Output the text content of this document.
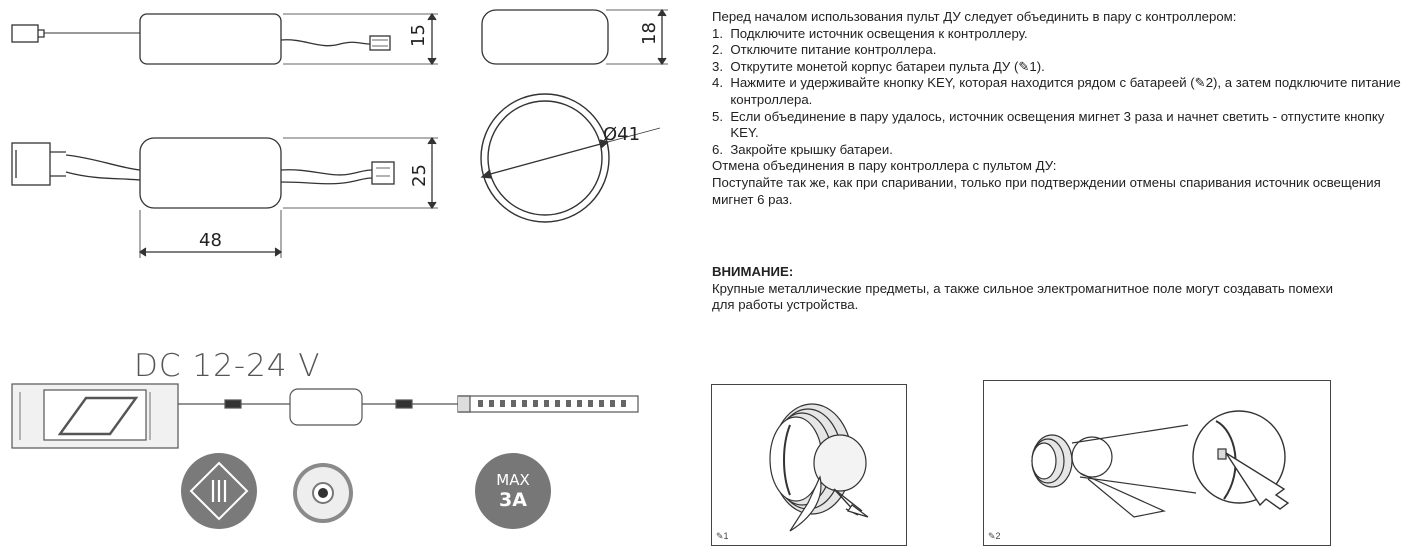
15	18
25
48
Ø41
MAX
3A
DC 12-24 V

Перед началом использования пульт ДУ следует объединить в пару с контроллером:

1. Подключите источник освещения к контроллеру.
2. Отключите питание контроллера.
3. Открутите монетой корпус батареи пульта ДУ (✎1).
4. Нажмите и удерживайте кнопку KEY, которая находится рядом с батареей (✎2), а затем подключите питание контроллера.
5. Если объединение в пару удалось, источник освещения мигнет 3 раза и начнет светить - отпустите кнопку KEY.
6. Закройте крышку батареи.

Отмена объединения в пару контроллера с пультом ДУ:

Поступайте так же, как при спаривании, только при подтверждении отмены спаривания источник освещения мигнет 6 раз.

ВНИМАНИЕ:
Крупные металлические предметы, а также сильное электромагнитное поле могут создавать помехи для работы устройства.
✎1	✎2
